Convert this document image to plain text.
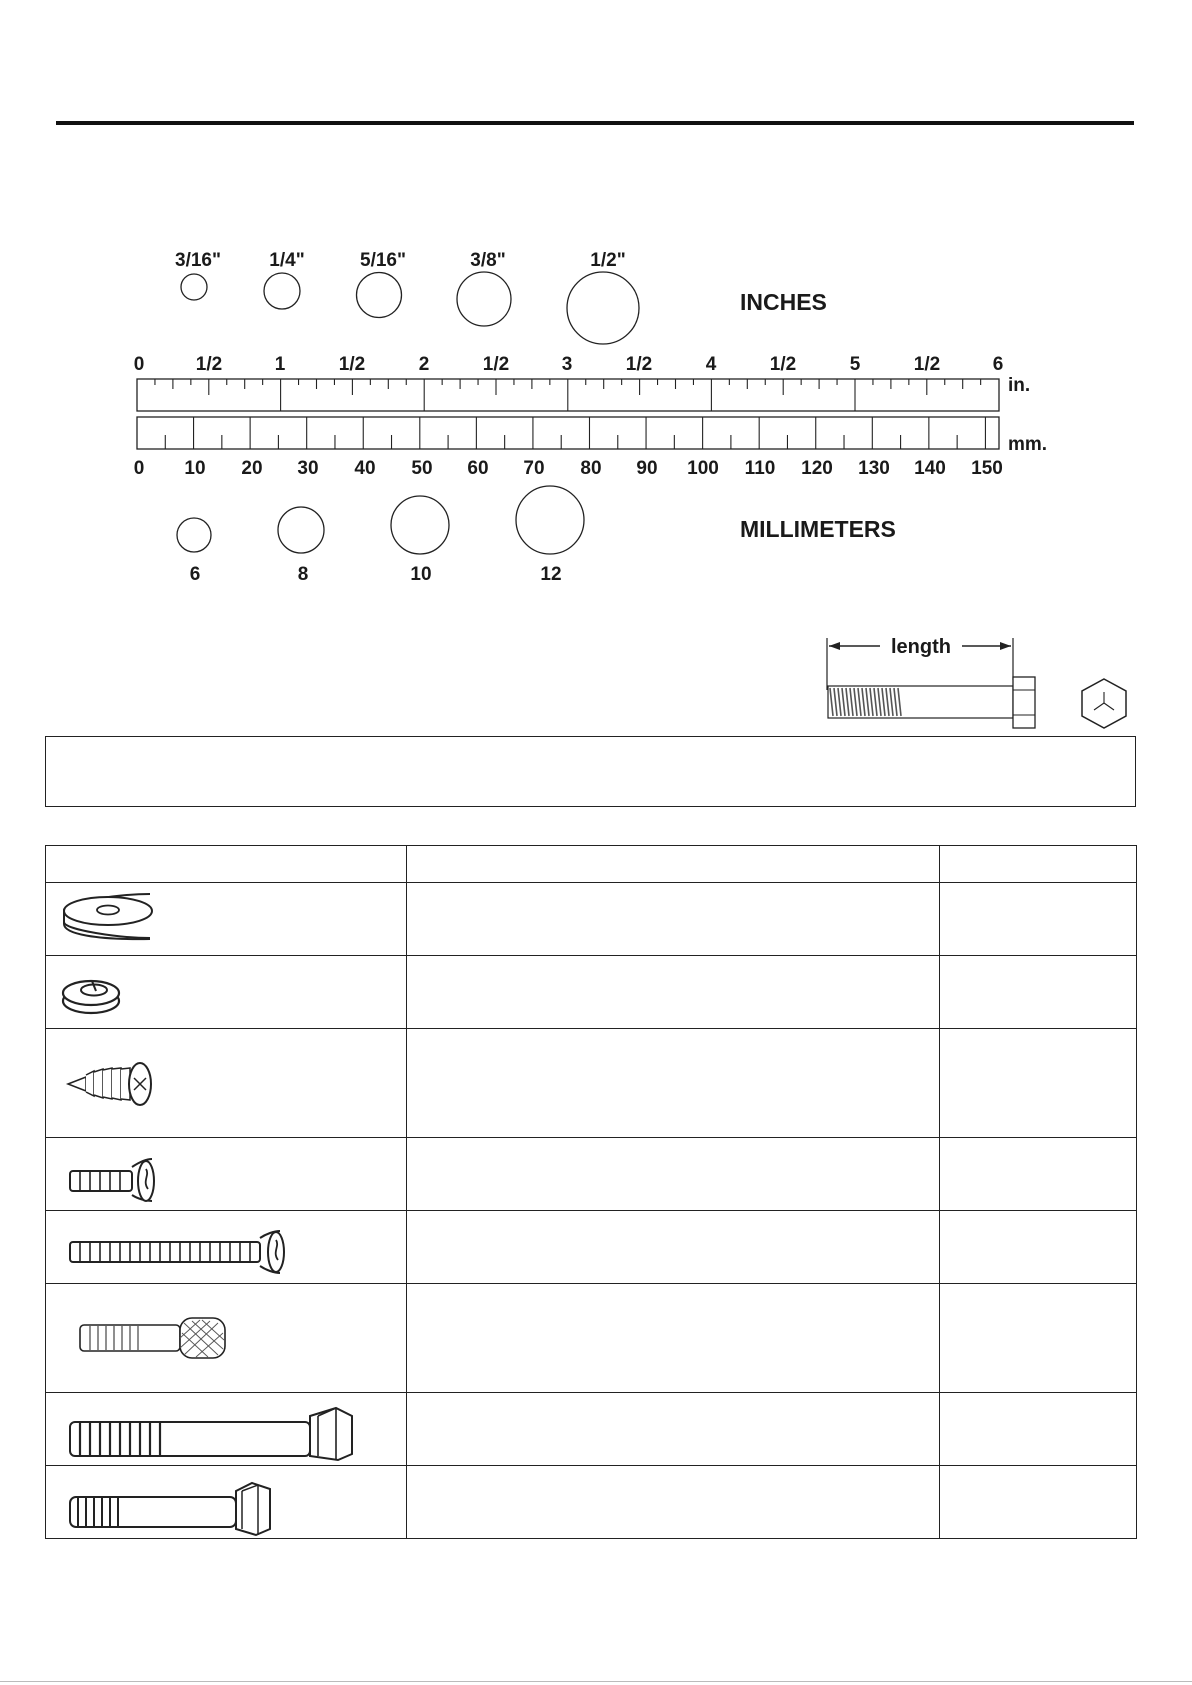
3/16"	1/4"	5/16"	3/8"	1/2"
INCHES
0	1/2	1	1/2	2	1/2	3	1/2	4	1/2	5	1/2	6
in.
mm.
0 10 20 30 40 50 60 70 80 90 100 110 120 130 140 150
6	8	10	12
MILLIMETERS
length
